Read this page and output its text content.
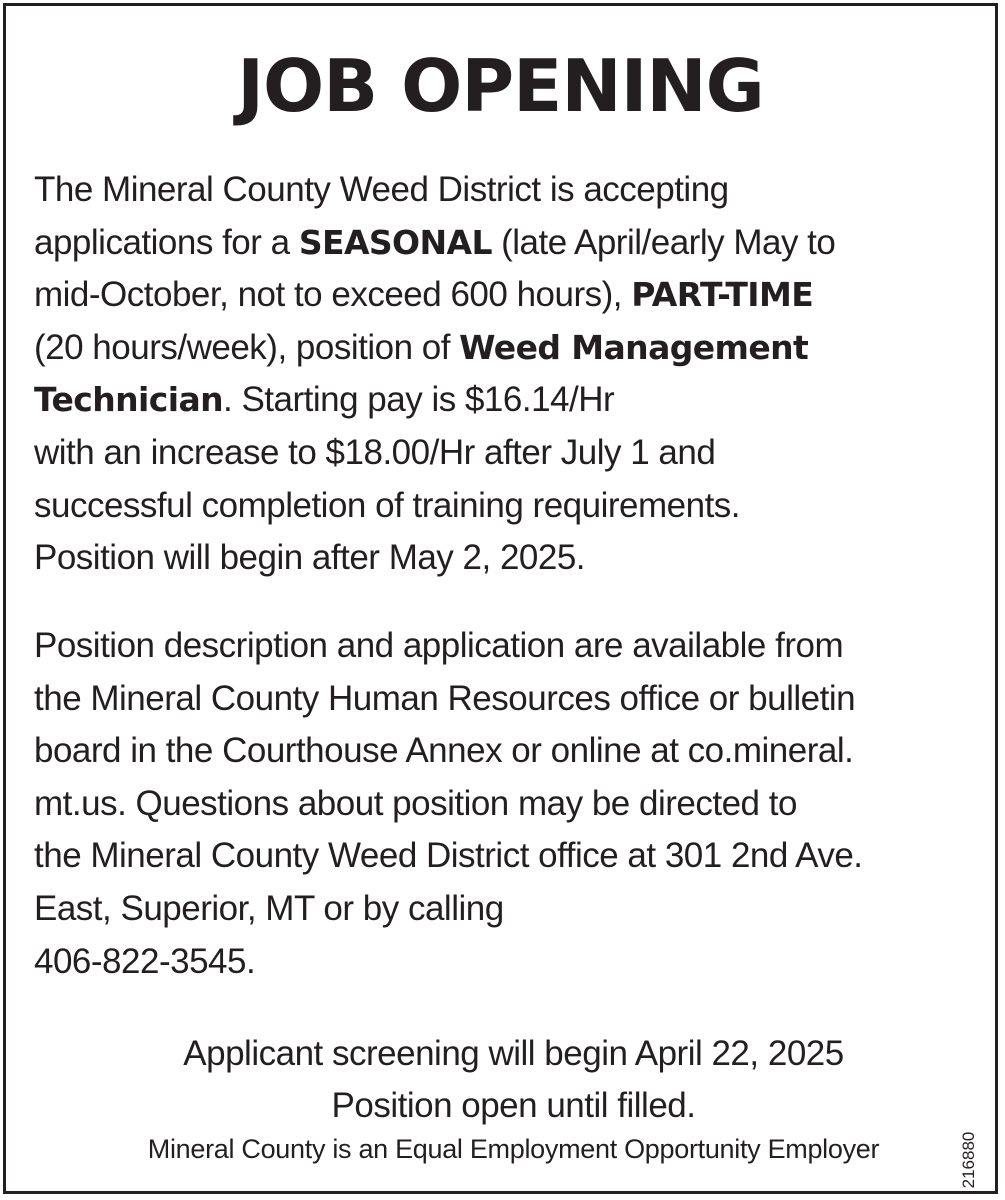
JOB OPENING
The Mineral County Weed District is accepting
applications for a SEASONAL (late April/early May to
mid-October, not to exceed 600 hours), PART-TIME
(20 hours/week), position of Weed Management
Technician. Starting pay is $16.14/Hr
with an increase to $18.00/Hr after July 1 and
successful completion of training requirements.
Position will begin after May 2, 2025.
Position description and application are available from
the Mineral County Human Resources office or bulletin
board in the Courthouse Annex or online at co.mineral.
mt.us. Questions about position may be directed to
the Mineral County Weed District office at 301 2nd Ave.
East, Superior, MT or by calling
406-822-3545.
Applicant screening will begin April 22, 2025
Position open until filled.
Mineral County is an Equal Employment Opportunity Employer	216880
